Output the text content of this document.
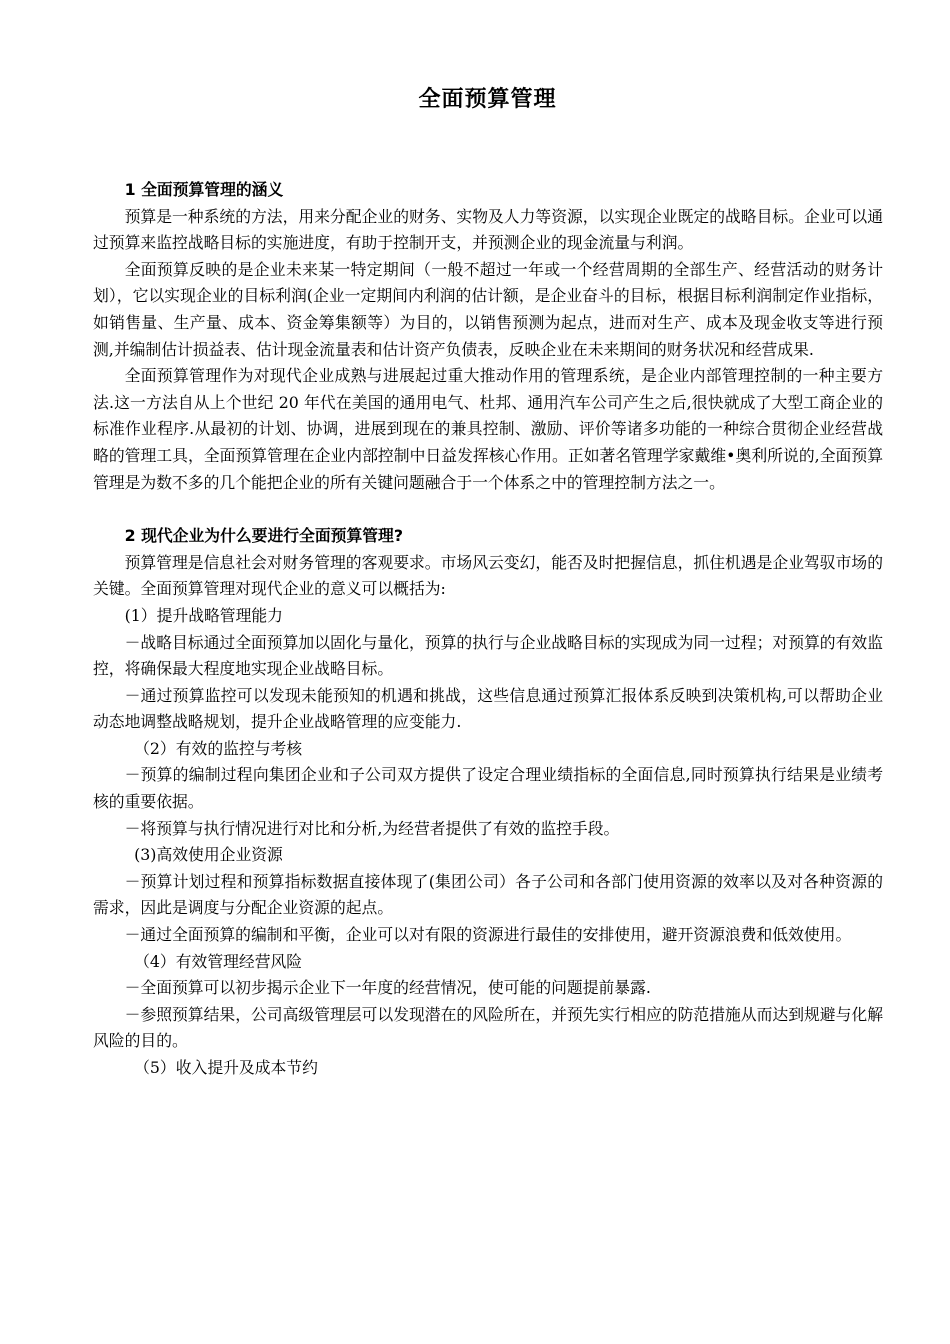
全面预算管理

1 全面预算管理的涵义

预算是一种系统的方法，用来分配企业的财务、实物及人力等资源，以实现企业既定的战略目标。企业可以通过预算来监控战略目标的实施进度，有助于控制开支，并预测企业的现金流量与利润。

全面预算反映的是企业未来某一特定期间（一般不超过一年或一个经营周期的全部生产、经营活动的财务计划），它以实现企业的目标利润(企业一定期间内利润的估计额，是企业奋斗的目标，根据目标利润制定作业指标，如销售量、生产量、成本、资金筹集额等）为目的，以销售预测为起点，进而对生产、成本及现金收支等进行预测,并编制估计损益表、估计现金流量表和估计资产负债表，反映企业在未来期间的财务状况和经营成果.

全面预算管理作为对现代企业成熟与进展起过重大推动作用的管理系统，是企业内部管理控制的一种主要方法.这一方法自从上个世纪 20 年代在美国的通用电气、杜邦、通用汽车公司产生之后,很快就成了大型工商企业的标准作业程序.从最初的计划、协调，进展到现在的兼具控制、激励、评价等诸多功能的一种综合贯彻企业经营战略的管理工具，全面预算管理在企业内部控制中日益发挥核心作用。正如著名管理学家戴维•奥利所说的,全面预算管理是为数不多的几个能把企业的所有关键问题融合于一个体系之中的管理控制方法之一。

2 现代企业为什么要进行全面预算管理?

预算管理是信息社会对财务管理的客观要求。市场风云变幻，能否及时把握信息，抓住机遇是企业驾驭市场的关键。全面预算管理对现代企业的意义可以概括为:

(1）提升战略管理能力

－战略目标通过全面预算加以固化与量化，预算的执行与企业战略目标的实现成为同一过程；对预算的有效监控，将确保最大程度地实现企业战略目标。

－通过预算监控可以发现未能预知的机遇和挑战，这些信息通过预算汇报体系反映到决策机构,可以帮助企业动态地调整战略规划，提升企业战略管理的应变能力.

（2）有效的监控与考核

－预算的编制过程向集团企业和子公司双方提供了设定合理业绩指标的全面信息,同时预算执行结果是业绩考核的重要依据。

－将预算与执行情况进行对比和分析,为经营者提供了有效的监控手段。

(3)高效使用企业资源

－预算计划过程和预算指标数据直接体现了(集团公司）各子公司和各部门使用资源的效率以及对各种资源的需求，因此是调度与分配企业资源的起点。

－通过全面预算的编制和平衡，企业可以对有限的资源进行最佳的安排使用，避开资源浪费和低效使用。

（4）有效管理经营风险

－全面预算可以初步揭示企业下一年度的经营情况，使可能的问题提前暴露.

－参照预算结果，公司高级管理层可以发现潜在的风险所在，并预先实行相应的防范措施从而达到规避与化解风险的目的。

（5）收入提升及成本节约
